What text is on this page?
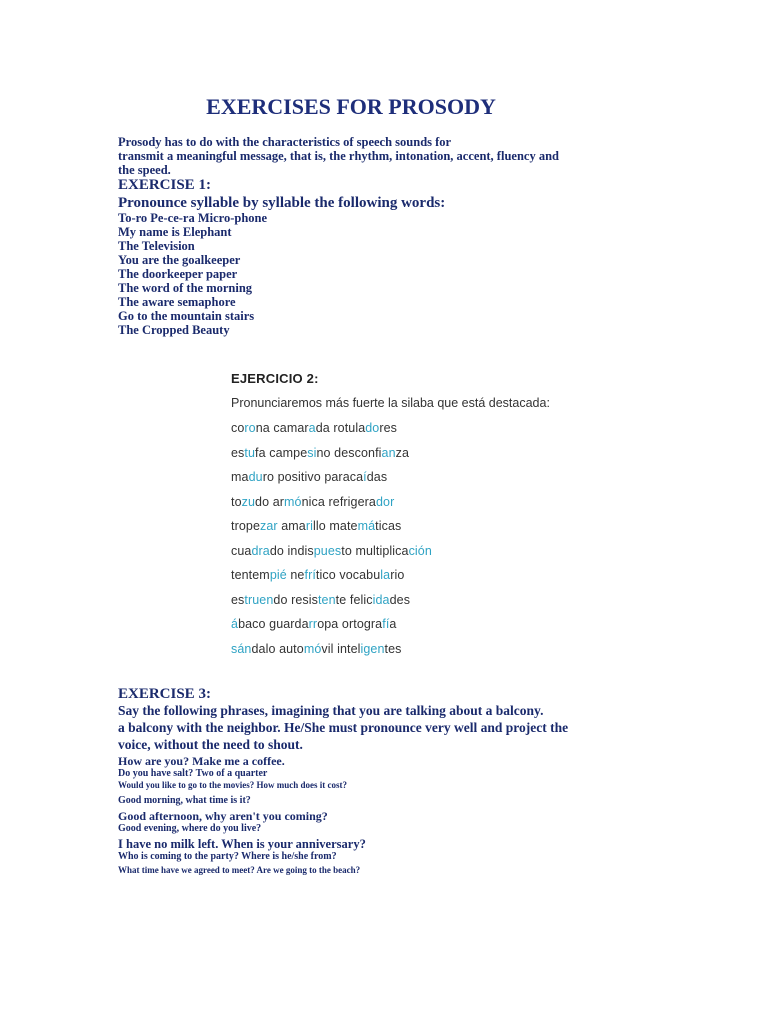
EXERCISES FOR PROSODY
Prosody has to do with the characteristics of speech sounds for
transmit a meaningful message, that is, the rhythm, intonation, accent, fluency and
the speed.
EXERCISE 1:
Pronounce syllable by syllable the following words:
To-ro Pe-ce-ra Micro-phone
My name is Elephant
The Television
You are the goalkeeper
The doorkeeper paper
The word of the morning
The aware semaphore
Go to the mountain stairs
The Cropped Beauty
EJERCICIO 2:
Pronunciaremos más fuerte la silaba que está destacada:
corona camarada rotuladores
estufa campesino desconfianza
maduro positivo paracaídas
tozudo armónica refrigerador
tropezar amarillo matemáticas
cuadrado indispuesto multiplicación
tentempié nefrítico vocabulario
estruendo resistente felicidades
ábaco guardarropa ortografía
sándalo automóvil inteligentes
EXERCISE 3:
Say the following phrases, imagining that you are talking about a balcony.
a balcony with the neighbor. He/She must pronounce very well and project the
voice, without the need to shout.
How are you? Make me a coffee.
Do you have salt? Two of a quarter
Would you like to go to the movies? How much does it cost?
Good morning, what time is it?
Good afternoon, why aren't you coming?
Good evening, where do you live?
I have no milk left. When is your anniversary?
Who is coming to the party? Where is he/she from?
What time have we agreed to meet? Are we going to the beach?
